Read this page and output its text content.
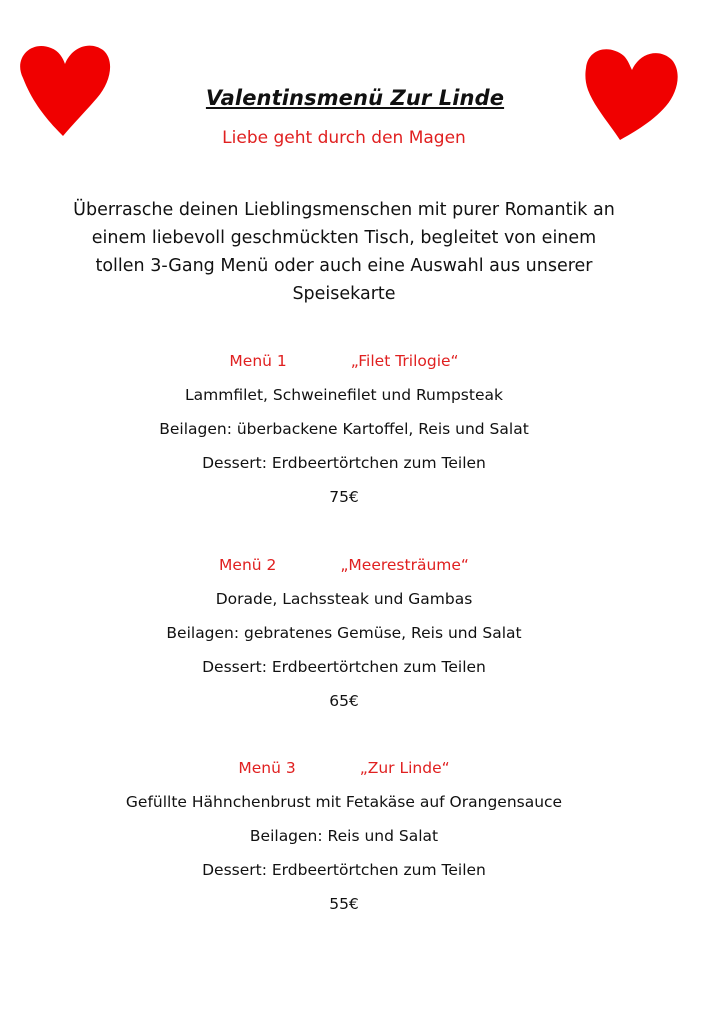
Valentinsmenü Zur Linde
Liebe geht durch den Magen
Überrasche deinen Lieblingsmenschen mit purer Romantik an
einem liebevoll geschmückten Tisch, begleitet von einem
tollen 3-Gang Menü oder auch eine Auswahl aus unserer
Speisekarte
Menü 1	„Filet Trilogie“
Lammfilet, Schweinefilet und Rumpsteak
Beilagen: überbackene Kartoffel, Reis und Salat
Dessert: Erdbeertörtchen zum Teilen
75€
Menü 2	„Meeresträume“
Dorade, Lachssteak und Gambas
Beilagen: gebratenes Gemüse, Reis und Salat
Dessert: Erdbeertörtchen zum Teilen
65€
Menü 3	„Zur Linde“
Gefüllte Hähnchenbrust mit Fetakäse auf Orangensauce
Beilagen: Reis und Salat
Dessert: Erdbeertörtchen zum Teilen
55€
